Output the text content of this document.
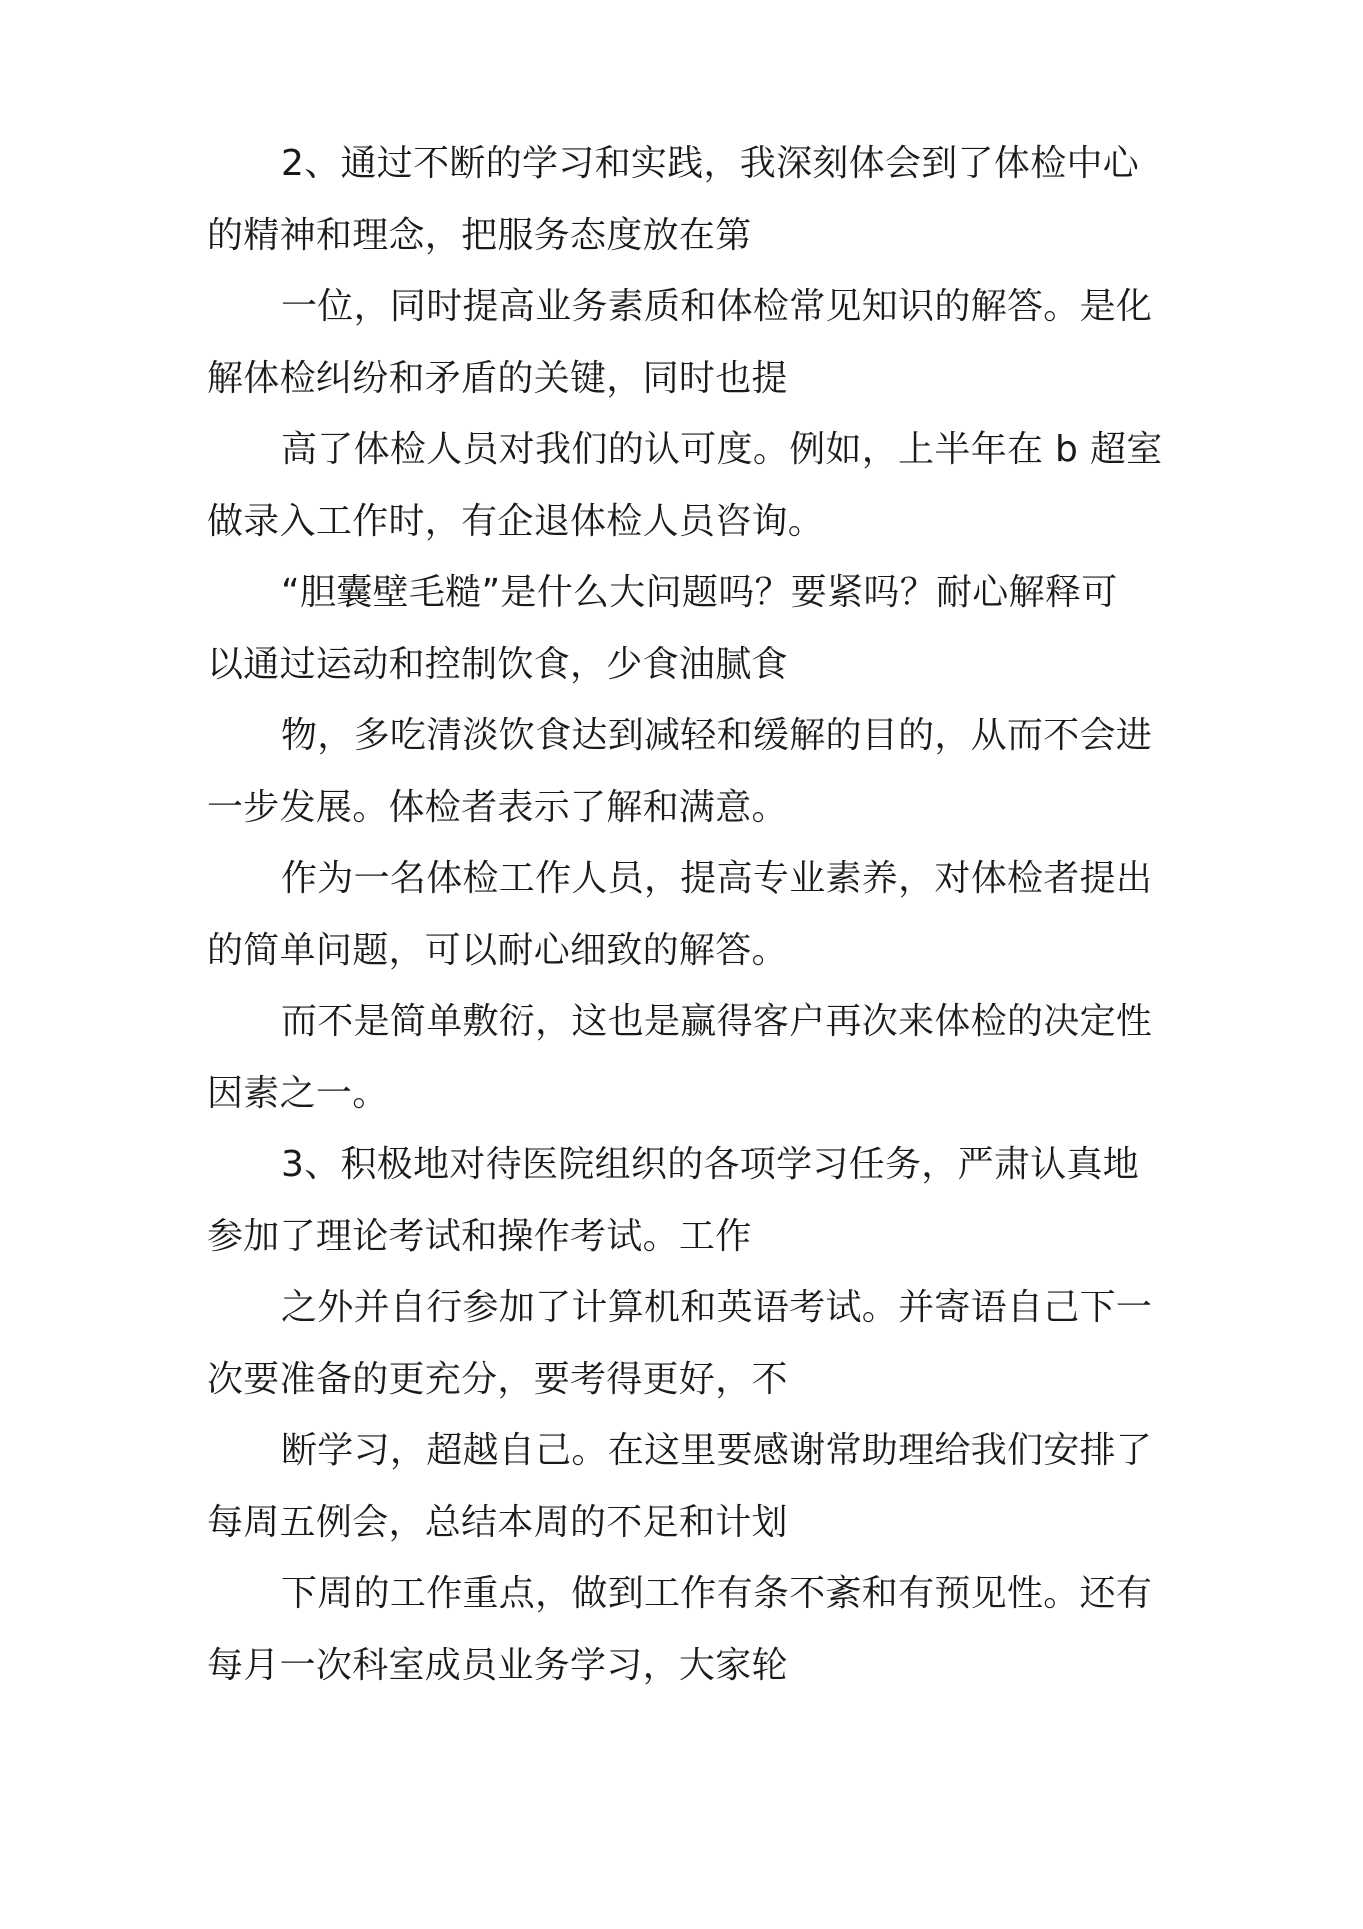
2、通过不断的学习和实践，我深刻体会到了体检中心
的精神和理念，把服务态度放在第

一位，同时提高业务素质和体检常见知识的解答。是化
解体检纠纷和矛盾的关键，同时也提

高了体检人员对我们的认可度。例如，上半年在 b 超室
做录入工作时，有企退体检人员咨询。

“胆囊壁毛糙”是什么大问题吗？要紧吗？耐心解释可
以通过运动和控制饮食，少食油腻食

物，多吃清淡饮食达到减轻和缓解的目的，从而不会进
一步发展。体检者表示了解和满意。

作为一名体检工作人员，提高专业素养，对体检者提出
的简单问题，可以耐心细致的解答。

而不是简单敷衍，这也是赢得客户再次来体检的决定性
因素之一。

3、积极地对待医院组织的各项学习任务，严肃认真地
参加了理论考试和操作考试。工作

之外并自行参加了计算机和英语考试。并寄语自己下一
次要准备的更充分，要考得更好，不

断学习，超越自己。在这里要感谢常助理给我们安排了
每周五例会，总结本周的不足和计划

下周的工作重点，做到工作有条不紊和有预见性。还有
每月一次科室成员业务学习，大家轮
